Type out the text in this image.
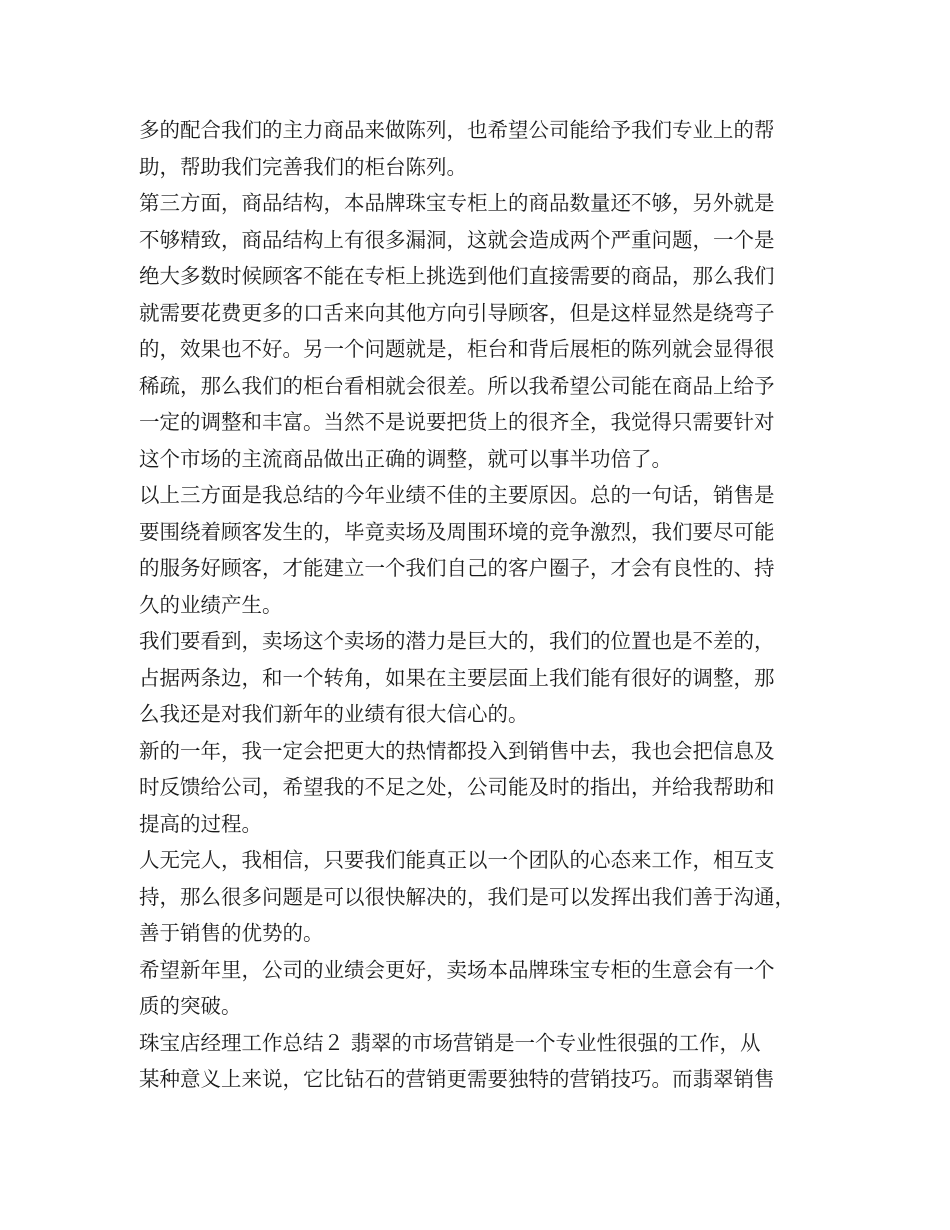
多的配合我们的主力商品来做陈列，也希望公司能给予我们专业上的帮

助，帮助我们完善我们的柜台陈列。

第三方面，商品结构，本品牌珠宝专柜上的商品数量还不够，另外就是

不够精致，商品结构上有很多漏洞，这就会造成两个严重问题，一个是

绝大多数时候顾客不能在专柜上挑选到他们直接需要的商品，那么我们

就需要花费更多的口舌来向其他方向引导顾客，但是这样显然是绕弯子

的，效果也不好。另一个问题就是，柜台和背后展柜的陈列就会显得很

稀疏，那么我们的柜台看相就会很差。所以我希望公司能在商品上给予

一定的调整和丰富。当然不是说要把货上的很齐全，我觉得只需要针对

这个市场的主流商品做出正确的调整，就可以事半功倍了。

以上三方面是我总结的今年业绩不佳的主要原因。总的一句话，销售是

要围绕着顾客发生的，毕竟卖场及周围环境的竞争激烈，我们要尽可能

的服务好顾客，才能建立一个我们自己的客户圈子，才会有良性的、持

久的业绩产生。

我们要看到，卖场这个卖场的潜力是巨大的，我们的位置也是不差的，

占据两条边，和一个转角，如果在主要层面上我们能有很好的调整，那

么我还是对我们新年的业绩有很大信心的。

新的一年，我一定会把更大的热情都投入到销售中去，我也会把信息及

时反馈给公司，希望我的不足之处，公司能及时的指出，并给我帮助和

提高的过程。

人无完人，我相信，只要我们能真正以一个团队的心态来工作，相互支

持，那么很多问题是可以很快解决的，我们是可以发挥出我们善于沟通，

善于销售的优势的。

希望新年里，公司的业绩会更好，卖场本品牌珠宝专柜的生意会有一个

质的突破。

珠宝店经理工作总结２ 翡翠的市场营销是一个专业性很强的工作，从

某种意义上来说，它比钻石的营销更需要独特的营销技巧。而翡翠销售
